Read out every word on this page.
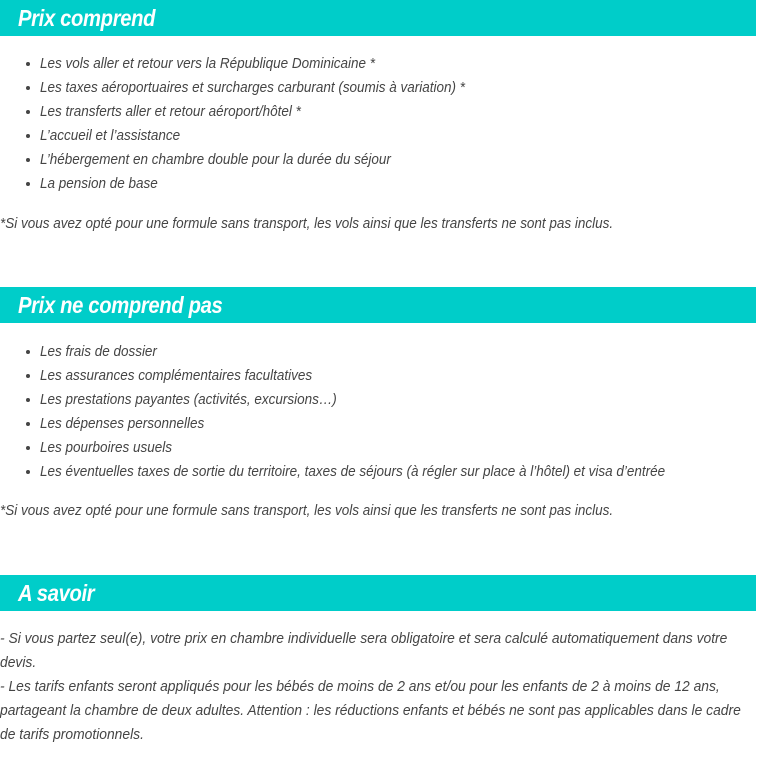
Prix comprend
Les vols aller et retour vers la République Dominicaine *
Les taxes aéroportuaires et surcharges carburant (soumis à variation) *
Les transferts aller et retour aéroport/hôtel *
L’accueil et l’assistance
L’hébergement en chambre double pour la durée du séjour
La pension de base
*Si vous avez opté pour une formule sans transport, les vols ainsi que les transferts ne sont pas inclus.
Prix ne comprend pas
Les frais de dossier
Les assurances complémentaires facultatives
Les prestations payantes (activités, excursions…)
Les dépenses personnelles
Les pourboires usuels
Les éventuelles taxes de sortie du territoire, taxes de séjours (à régler sur place à l’hôtel) et visa d’entrée
*Si vous avez opté pour une formule sans transport, les vols ainsi que les transferts ne sont pas inclus.
A savoir
- Si vous partez seul(e), votre prix en chambre individuelle sera obligatoire et sera calculé automatiquement dans votre devis.
- Les tarifs enfants seront appliqués pour les bébés de moins de 2 ans et/ou pour les enfants de 2 à moins de 12 ans, partageant la chambre de deux adultes. Attention : les réductions enfants et bébés ne sont pas applicables dans le cadre de tarifs promotionnels.
